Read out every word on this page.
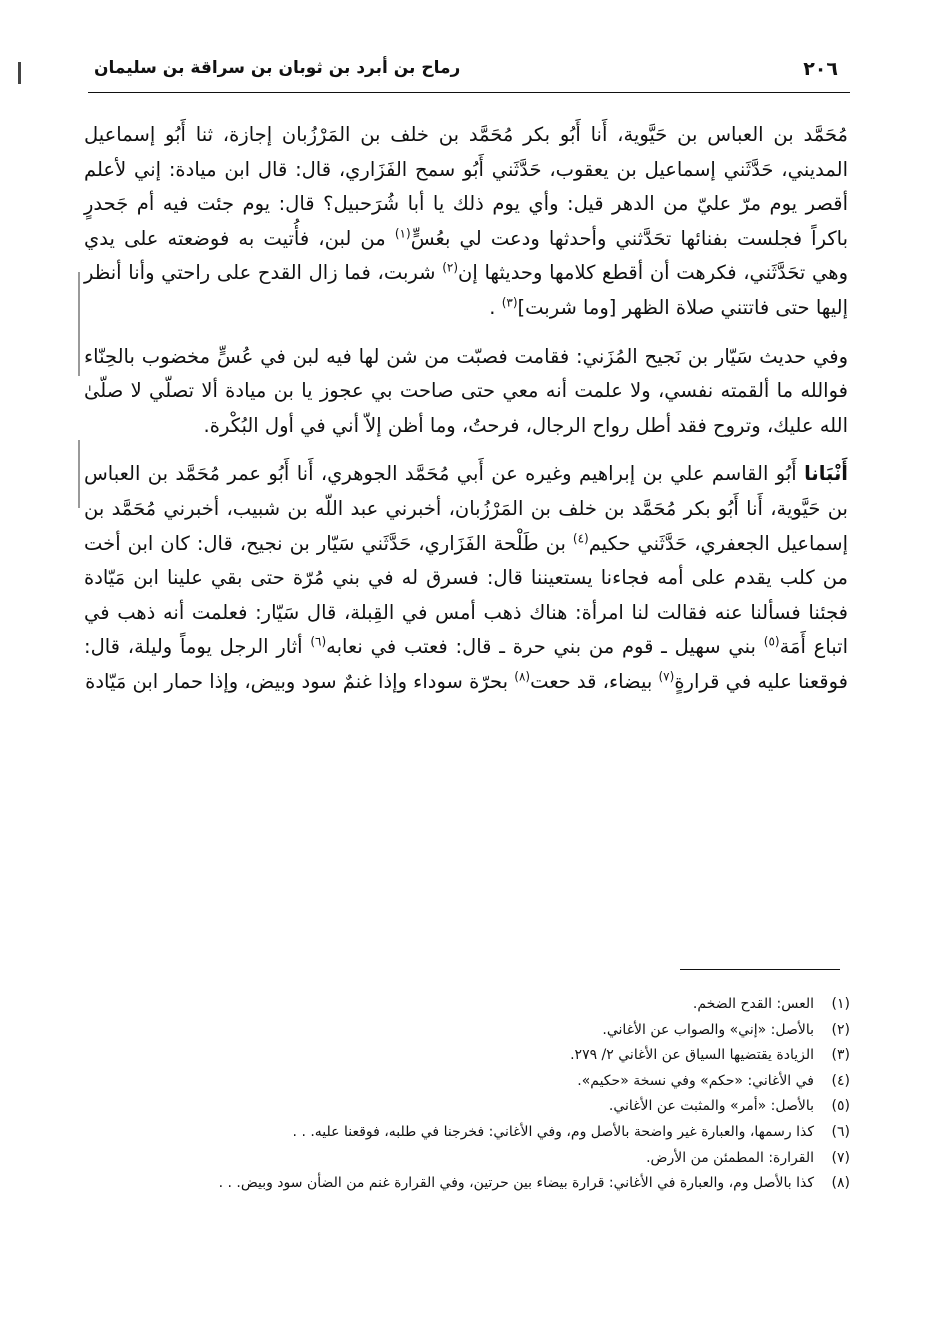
٢٠٦
رماح بن أبرد بن ثوبان بن سراقة بن سليمان

مُحَمَّد بن العباس بن حَيَّوية، أَنا أَبُو بكر مُحَمَّد بن خلف بن المَرْزُبان إجازة، ثنا أَبُو إسماعيل المديني، حَدَّثَني إسماعيل بن يعقوب، حَدَّثَني أَبُو سمح الفَزَاري، قال: قال ابن ميادة: إني لأعلم أقصر يوم مرّ عليّ من الدهر قيل: وأي يوم ذلك يا أبا شُرَحبيل؟ قال: يوم جئت فيه أم جَحدرٍ باكراً فجلست بفنائها تحَدَّثني وأحدثها ودعت لي بعُسٍّ$^{(١)}$ من لبن، فأُتيت به فوضعته على يدي وهي تحَدَّثَني، فكرهت أن أقطع كلامها وحديثها إن$^{(٢)}$ شربت، فما زال القدح على راحتي وأنا أنظر إليها حتى فاتتني صلاة الظهر [وما شربت]$^{(٣)}$ .

وفي حديث سَيّار بن نَجيح المُزَني: فقامت فصبّت من شن لها فيه لبن في عُسٍّ مخضوب بالحِنّاء فوالله ما ألقمته نفسي، ولا علمت أنه معي حتى صاحت بي عجوز يا بن ميادة ألا تصلّي لا صلّىٰ الله عليك، وتروح فقد أطل رواح الرجال، فرحتُ، وما أظن إلاّ أني في أول البُكْرة.

أَنْبَانا أَبُو القاسم علي بن إبراهيم وغيره عن أَبي مُحَمَّد الجوهري، أَنا أَبُو عمر مُحَمَّد بن العباس بن حَيَّوية، أَنا أَبُو بكر مُحَمَّد بن خلف بن المَرْزُبان، أخبرني عبد اللّه بن شبيب، أخبرني مُحَمَّد بن إسماعيل الجعفري، حَدَّثَني حكيم$^{(٤)}$ بن طَلْحة الفَزَاري، حَدَّثَني سَيّار بن نجيح، قال: كان ابن أخت من كلب يقدم على أمه فجاءنا يستعيننا قال: فسرق له في بني مُرّة حتى بقي علينا ابن مَيّادة فجئنا فسألنا عنه فقالت لنا امرأة: هناك ذهب أمس في القِبلة، قال سَيّار: فعلمت أنه ذهب في اتباع أَمَة$^{(٥)}$ بني سهيل ـ قوم من بني حرة ـ قال: فعتب في نعابه$^{(٦)}$ أثار الرجل يوماً وليلة، قال: فوقعنا عليه في قرارةٍ$^{(٧)}$ بيضاء، قد حعت$^{(٨)}$ بحرّة سوداء وإذا غنمٌ سود وبيض، وإذا حمار ابن مَيّادة

(١)
العس: القدح الضخم.
(٢)
بالأصل: «إني» والصواب عن الأغاني.
(٣)
الزيادة يقتضيها السياق عن الأغاني ٢/ ٢٧٩.
(٤)
في الأغاني: «حكم» وفي نسخة «حكيم».
(٥)
بالأصل: «أمر» والمثبت عن الأغاني.
(٦)
كذا رسمها، والعبارة غير واضحة بالأصل وم، وفي الأغاني: فخرجنا في طلبه، فوقعنا عليه. . .
(٧)
القرارة: المطمئن من الأرض.
(٨)
كذا بالأصل وم، والعبارة في الأغاني: قرارة بيضاء بين حرتين، وفي القرارة غنم من الضأن سود وبيض. . .
